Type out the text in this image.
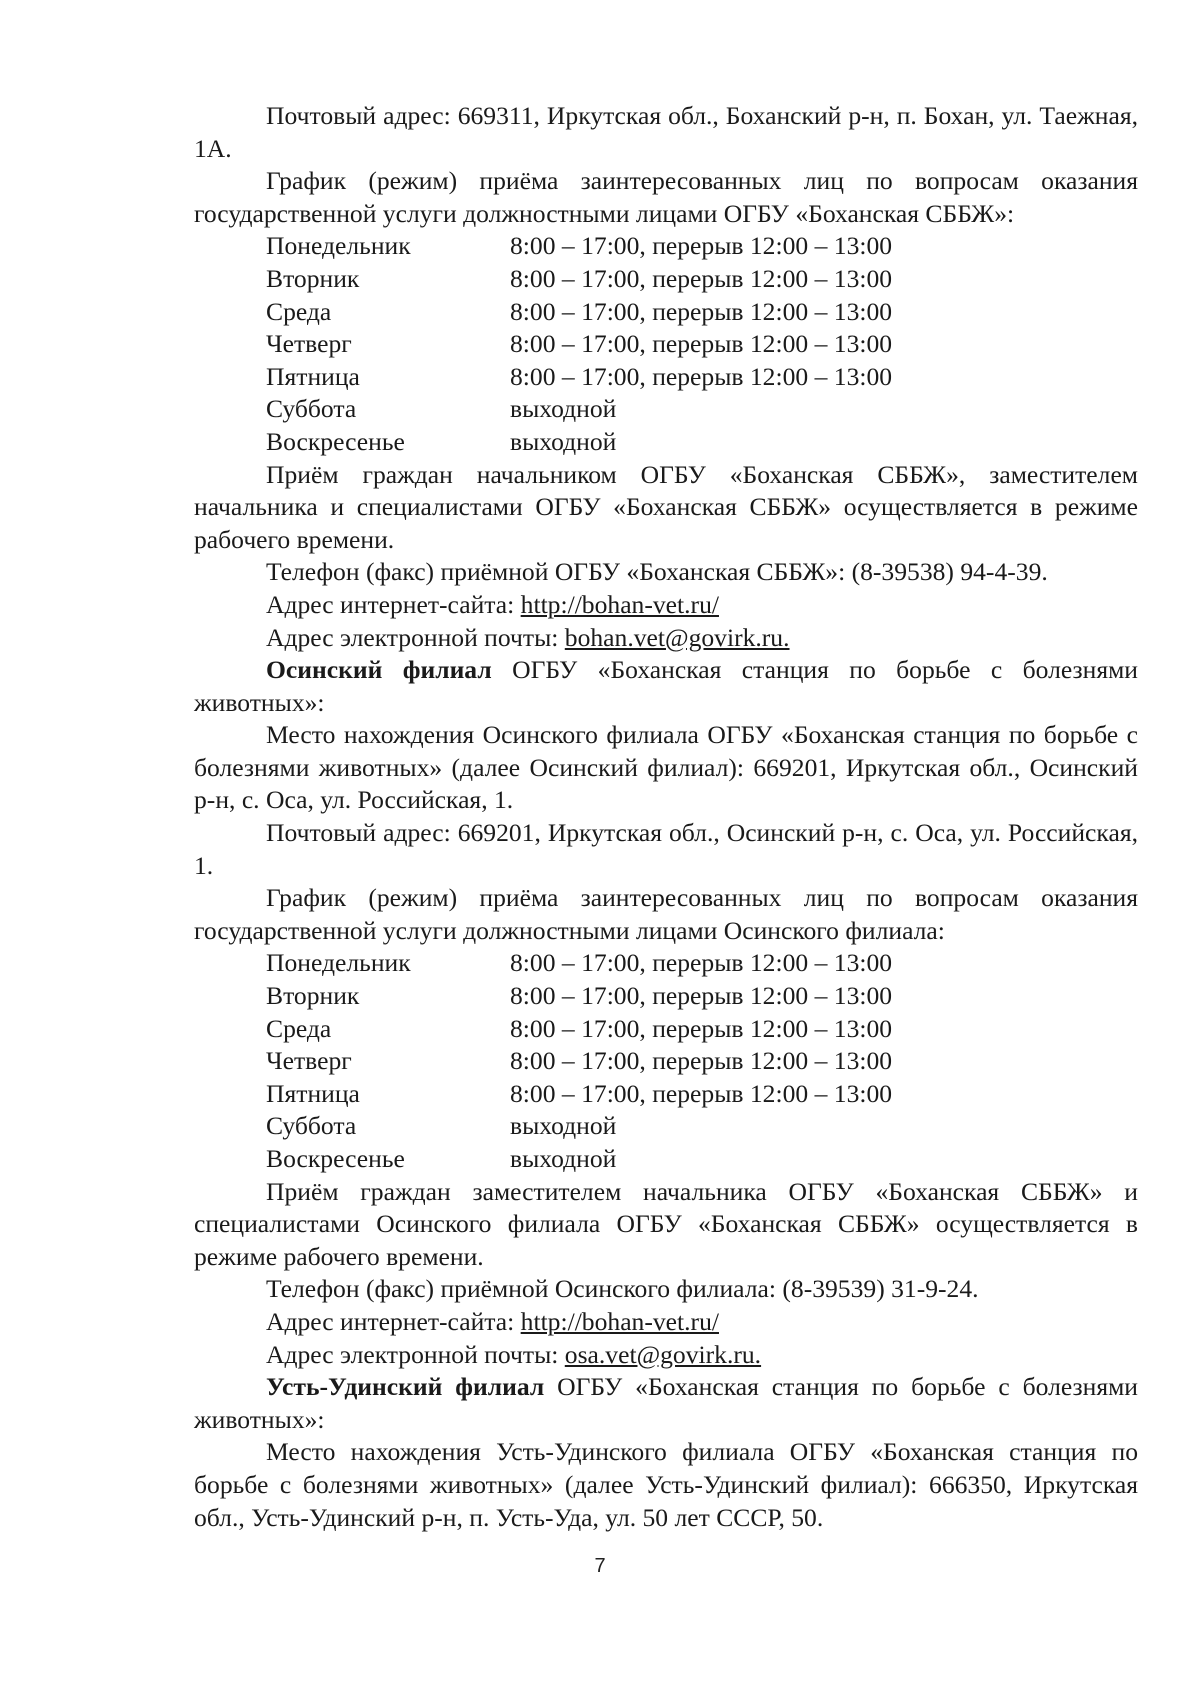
Почтовый адрес: 669311, Иркутская обл., Боханский р-н, п. Бохан, ул. Таежная, 1А.

График (режим) приёма заинтересованных лиц по вопросам оказания государственной услуги должностными лицами ОГБУ «Боханская СББЖ»:

Понедельник	8:00 – 17:00, перерыв 12:00 – 13:00
Вторник	8:00 – 17:00, перерыв 12:00 – 13:00
Среда	8:00 – 17:00, перерыв 12:00 – 13:00
Четверг	8:00 – 17:00, перерыв 12:00 – 13:00
Пятница	8:00 – 17:00, перерыв 12:00 – 13:00
Суббота	выходной
Воскресенье	выходной

Приём граждан начальником ОГБУ «Боханская СББЖ», заместителем начальника и специалистами ОГБУ «Боханская СББЖ» осуществляется в режиме рабочего времени.

Телефон (факс) приёмной ОГБУ «Боханская СББЖ»: (8-39538) 94-4-39.

Адрес интернет-сайта: http://bohan-vet.ru/

Адрес электронной почты: bohan.vet@govirk.ru.

Осинский филиал ОГБУ «Боханская станция по борьбе с болезнями животных»:

Место нахождения Осинского филиала ОГБУ «Боханская станция по борьбе с болезнями животных» (далее Осинский филиал): 669201, Иркутская обл., Осинский р-н, с. Оса, ул. Российская, 1.

Почтовый адрес: 669201, Иркутская обл., Осинский р-н, с. Оса, ул. Российская, 1.

График (режим) приёма заинтересованных лиц по вопросам оказания государственной услуги должностными лицами Осинского филиала:

Понедельник	8:00 – 17:00, перерыв 12:00 – 13:00
Вторник	8:00 – 17:00, перерыв 12:00 – 13:00
Среда	8:00 – 17:00, перерыв 12:00 – 13:00
Четверг	8:00 – 17:00, перерыв 12:00 – 13:00
Пятница	8:00 – 17:00, перерыв 12:00 – 13:00
Суббота	выходной
Воскресенье	выходной

Приём граждан заместителем начальника ОГБУ «Боханская СББЖ» и специалистами Осинского филиала ОГБУ «Боханская СББЖ» осуществляется в режиме рабочего времени.

Телефон (факс) приёмной Осинского филиала: (8-39539) 31-9-24.

Адрес интернет-сайта: http://bohan-vet.ru/

Адрес электронной почты: osa.vet@govirk.ru.

Усть-Удинский филиал ОГБУ «Боханская станция по борьбе с болезнями животных»:

Место нахождения Усть-Удинского филиала ОГБУ «Боханская станция по борьбе с болезнями животных» (далее Усть-Удинский филиал): 666350, Иркутская обл., Усть-Удинский р-н, п. Усть-Уда, ул. 50 лет СССР, 50.

7
